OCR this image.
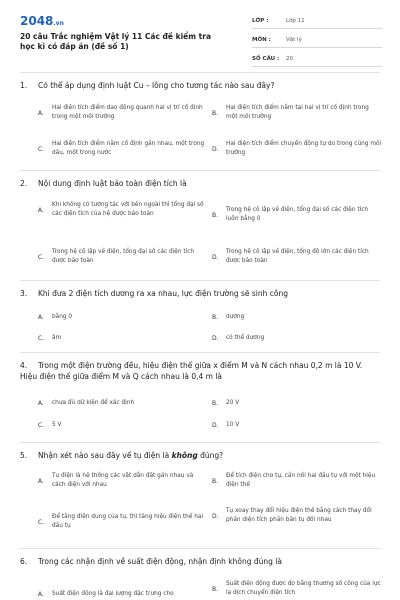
2048.vn
20 câu Trắc nghiệm Vật lý 11 Các đề kiểm tra học kì có đáp án (đề số 1)
LỚP :	Lớp 11
MÔN :	Vật lý
SỐ CÂU :	20
1. Có thể áp dụng định luật Cu – lông cho tương tác nào sau đây?
A.
Hai điện tích điểm dao động quanh hai vị trí cố định trong một môi trường
B.
Hai điện tích điểm nằm tại hai vị trí cố định trong một môi trường
C.
Hai điện tích điểm nằm cố định gần nhau, một trong dầu, một trong nước
D.
Hai điện tích điểm chuyển động tự do trong cùng môi trường
2. Nội dung định luật bảo toàn điện tích là
A.
Khi không có tương tác với bên ngoài thì tổng đại số các điện tích của hệ được bảo toàn	B.
Trong hệ cô lập về điện, tổng đại số các điện tích luôn bằng 0
C.
Trong hệ cô lập về điện, tổng đại số các điện tích được bảo toàn
D.
Trong hệ cô lập về điện, tổng độ lớn các điện tích được bảo toàn
3. Khi đưa 2 điện tích dương ra xa nhau, lực điện trường sẽ sinh công
A.	bằng 0	B.	dương
C.	âm	D.	có thể dương
4. Trong một điện trường đều, hiệu điện thế giữa x điểm M và N cách nhau 0,2 m là 10 V. Hiệu điện thế giữa điểm M và Q cách nhau là 0,4 m là
A.	chưa đủ dữ kiện để xác định	B.	20 V
C.	5 V	D.	10 V
5. Nhận xét nào sau đây về tụ điện là không đúng?
A.
Tụ điện là hệ thống các vật dẫn đặt gần nhau và cách điện với nhau
B.
Để tích điện cho tụ, cần nối hai đầu tụ với một hiệu điện thế
C.
Để tăng điện dung của tụ, thì tăng hiệu điện thế hai đầu tụ
D.
Tụ xoay thay đổi hiệu điện thế bằng cách thay đổi phần diện tích phần bản tụ đối nhau
6. Trong các nhận định về suất điện động, nhận định không đúng là
A.	Suất điện động là đại lượng đặc trưng cho
B.
Suất điện động được đo bằng thương số công của lực lạ dịch chuyển điện tích
